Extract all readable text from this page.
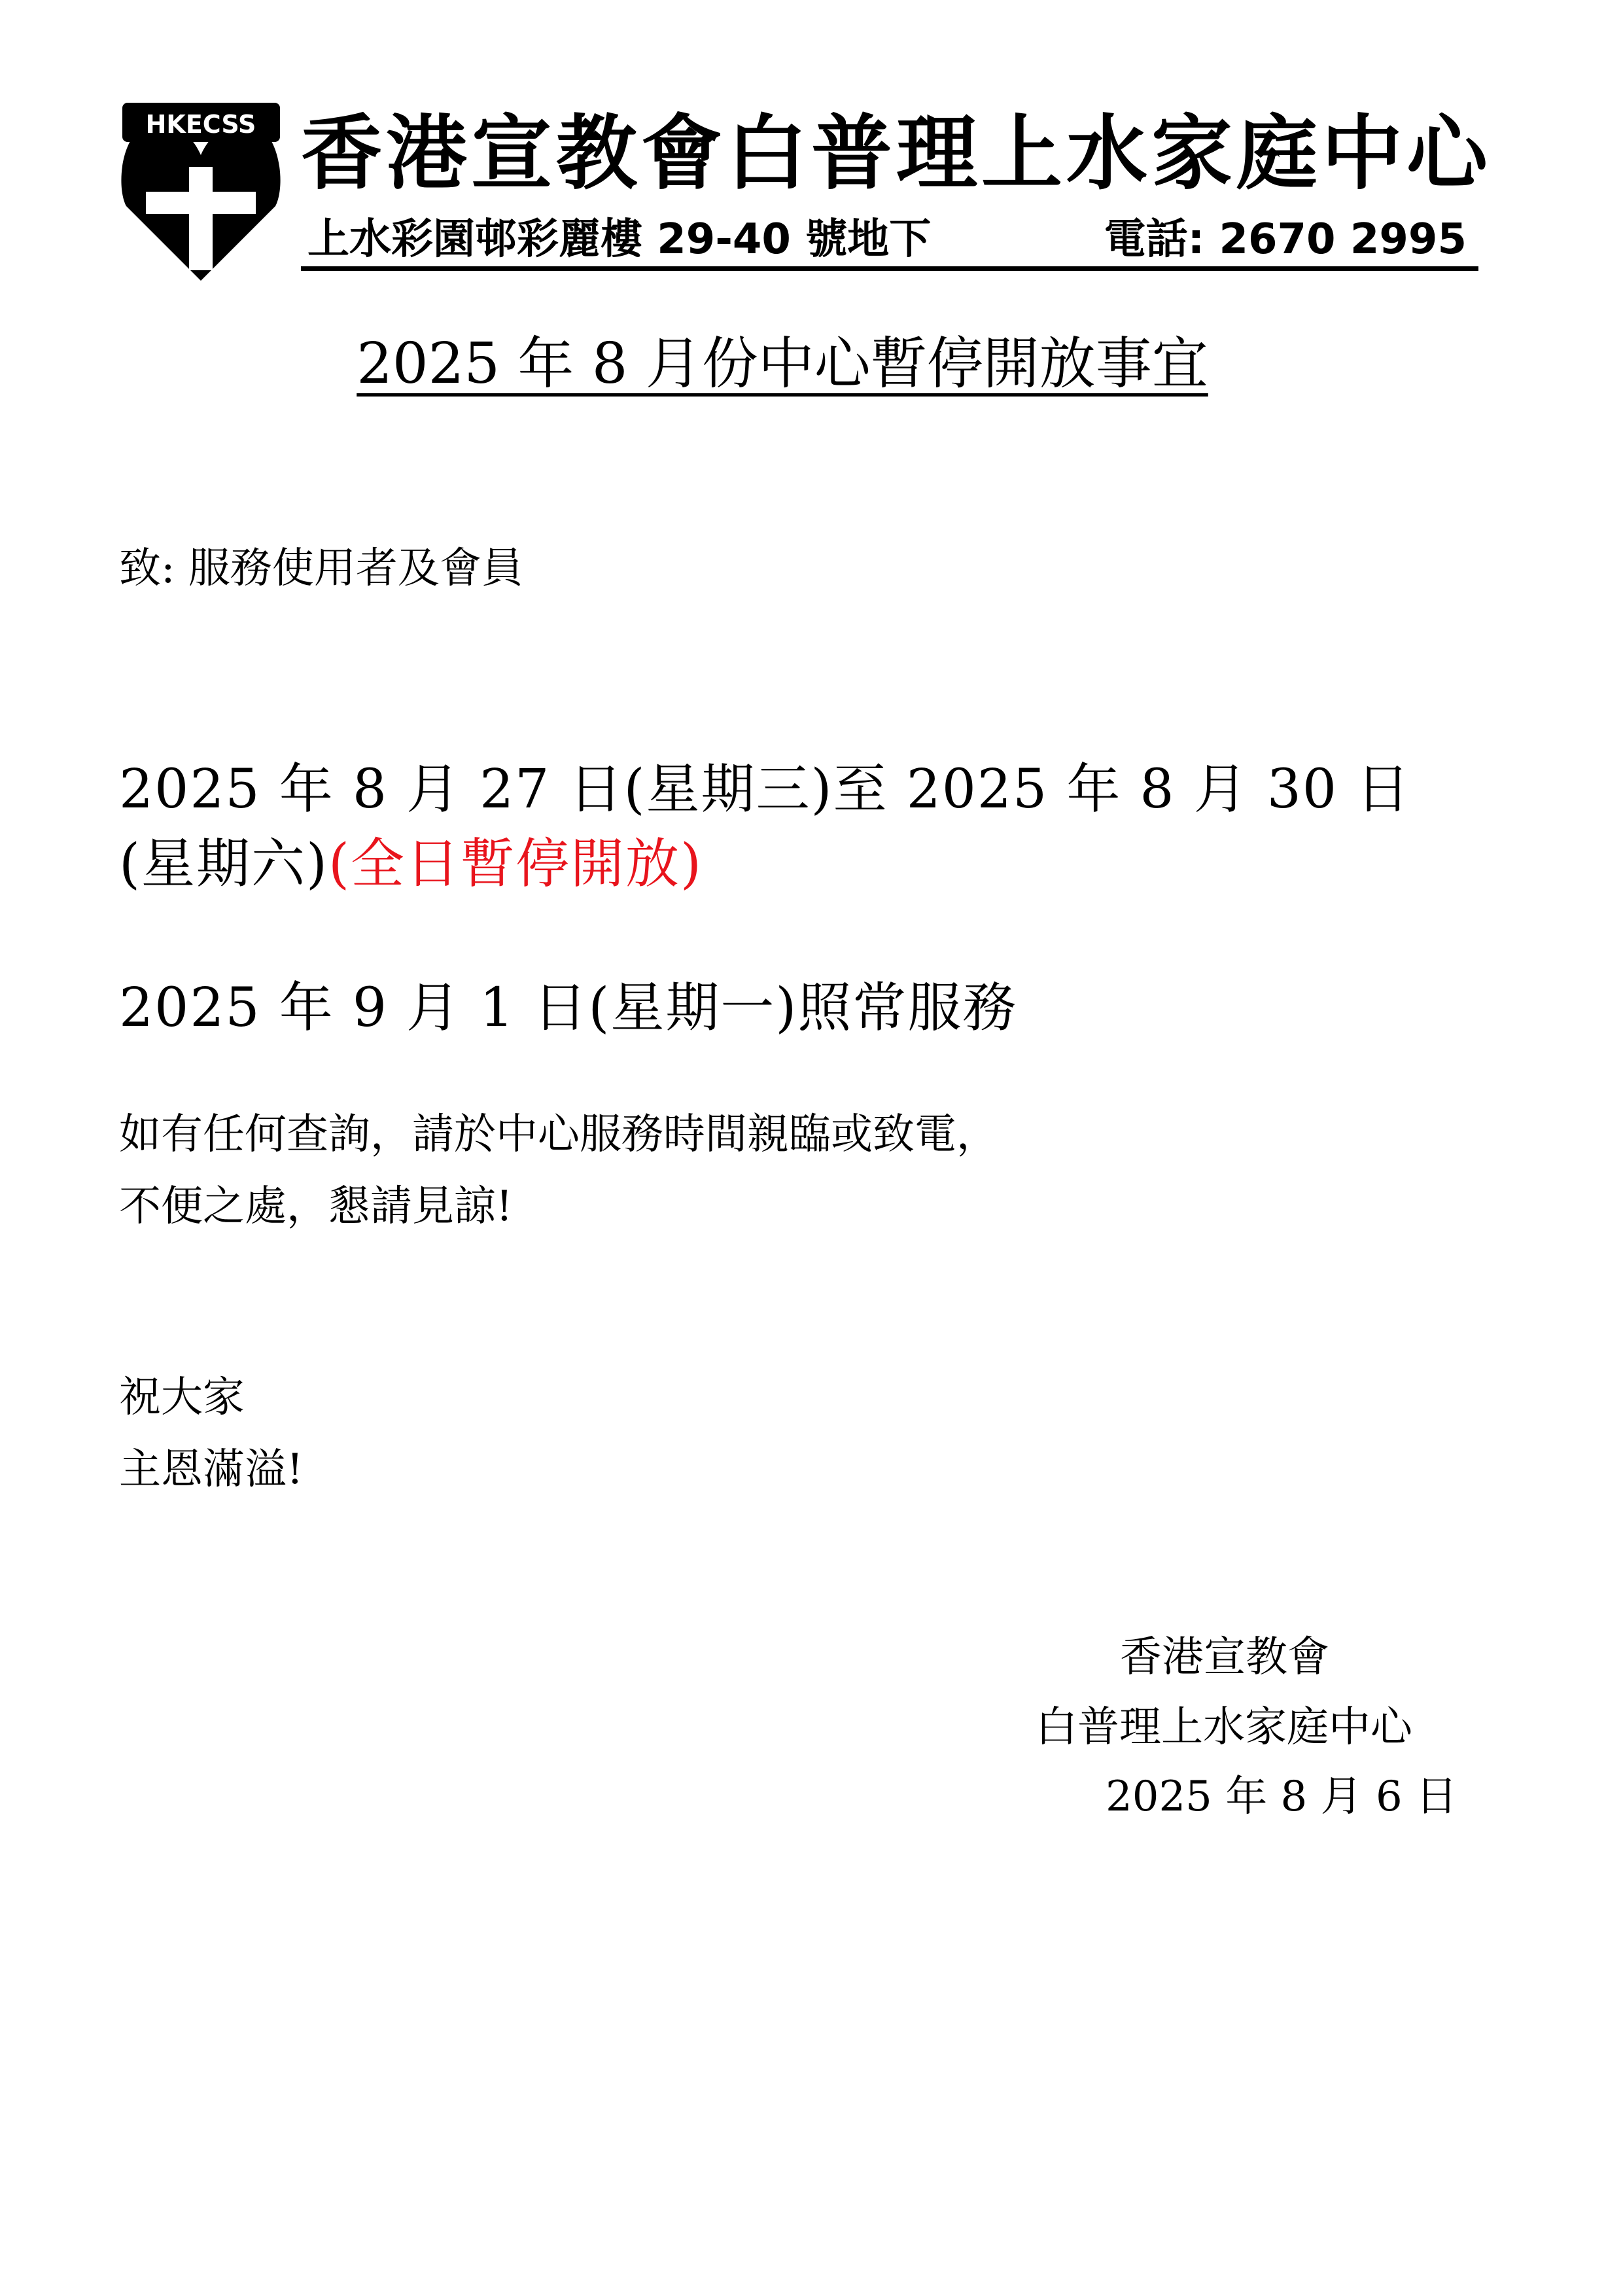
HKECSS 香港宣教會白普理上水家庭中心
上水彩園邨彩麗樓 29-40 號地下	電話: 2670 2995
2025 年 8 月份中心暫停開放事宜
致: 服務使用者及會員
2025 年 8 月 27 日(星期三)至 2025 年 8 月 30 日
(星期六)(全日暫停開放)
2025 年 9 月 1 日(星期一)照常服務
如有任何查詢，請於中心服務時間親臨或致電，
不便之處，懇請見諒!
祝大家
主恩滿溢!
香港宣教會
白普理上水家庭中心
2025 年 8 月 6 日
